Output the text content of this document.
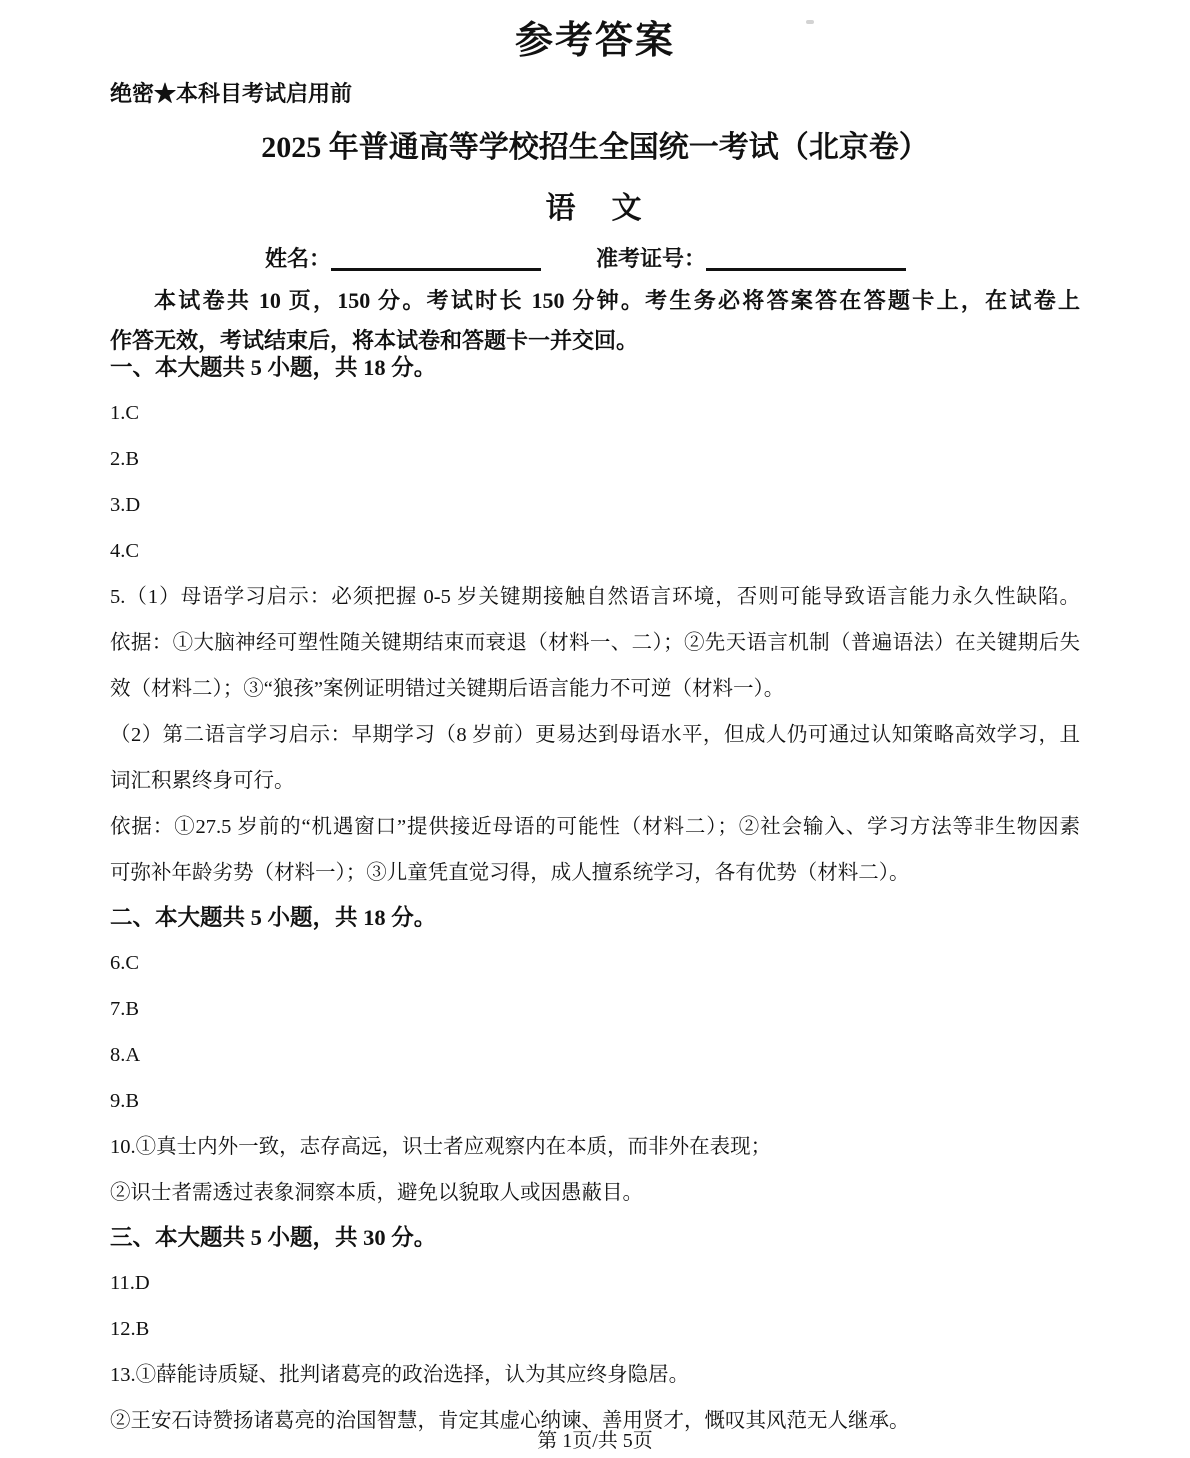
参考答案
绝密★本科目考试启用前
2025 年普通高等学校招生全国统一考试（北京卷）
语　文
姓名：	准考证号：
本试卷共 10 页，150 分。考试时长 150 分钟。考生务必将答案答在答题卡上，在试卷上
作答无效，考试结束后，将本试卷和答题卡一并交回。
一、本大题共 5 小题，共 18 分。
1.C
2.B
3.D
4.C
5.（1）母语学习启示：必须把握 0-5 岁关键期接触自然语言环境，否则可能导致语言能力永久性缺陷。
依据：①大脑神经可塑性随关键期结束而衰退（材料一、二）；②先天语言机制（普遍语法）在关键期后失
效（材料二）；③“狼孩”案例证明错过关键期后语言能力不可逆（材料一）。
（2）第二语言学习启示：早期学习（8 岁前）更易达到母语水平，但成人仍可通过认知策略高效学习，且
词汇积累终身可行。
依据：①27.5 岁前的“机遇窗口”提供接近母语的可能性（材料二）；②社会输入、学习方法等非生物因素
可弥补年龄劣势（材料一）；③儿童凭直觉习得，成人擅系统学习，各有优势（材料二）。
二、本大题共 5 小题，共 18 分。
6.C
7.B
8.A
9.B
10.①真士内外一致，志存高远，识士者应观察内在本质，而非外在表现；
②识士者需透过表象洞察本质，避免以貌取人或因愚蔽目。
三、本大题共 5 小题，共 30 分。
11.D
12.B
13.①薛能诗质疑、批判诸葛亮的政治选择，认为其应终身隐居。
②王安石诗赞扬诸葛亮的治国智慧，肯定其虚心纳谏、善用贤才，慨叹其风范无人继承。
第 1页/共 5页
